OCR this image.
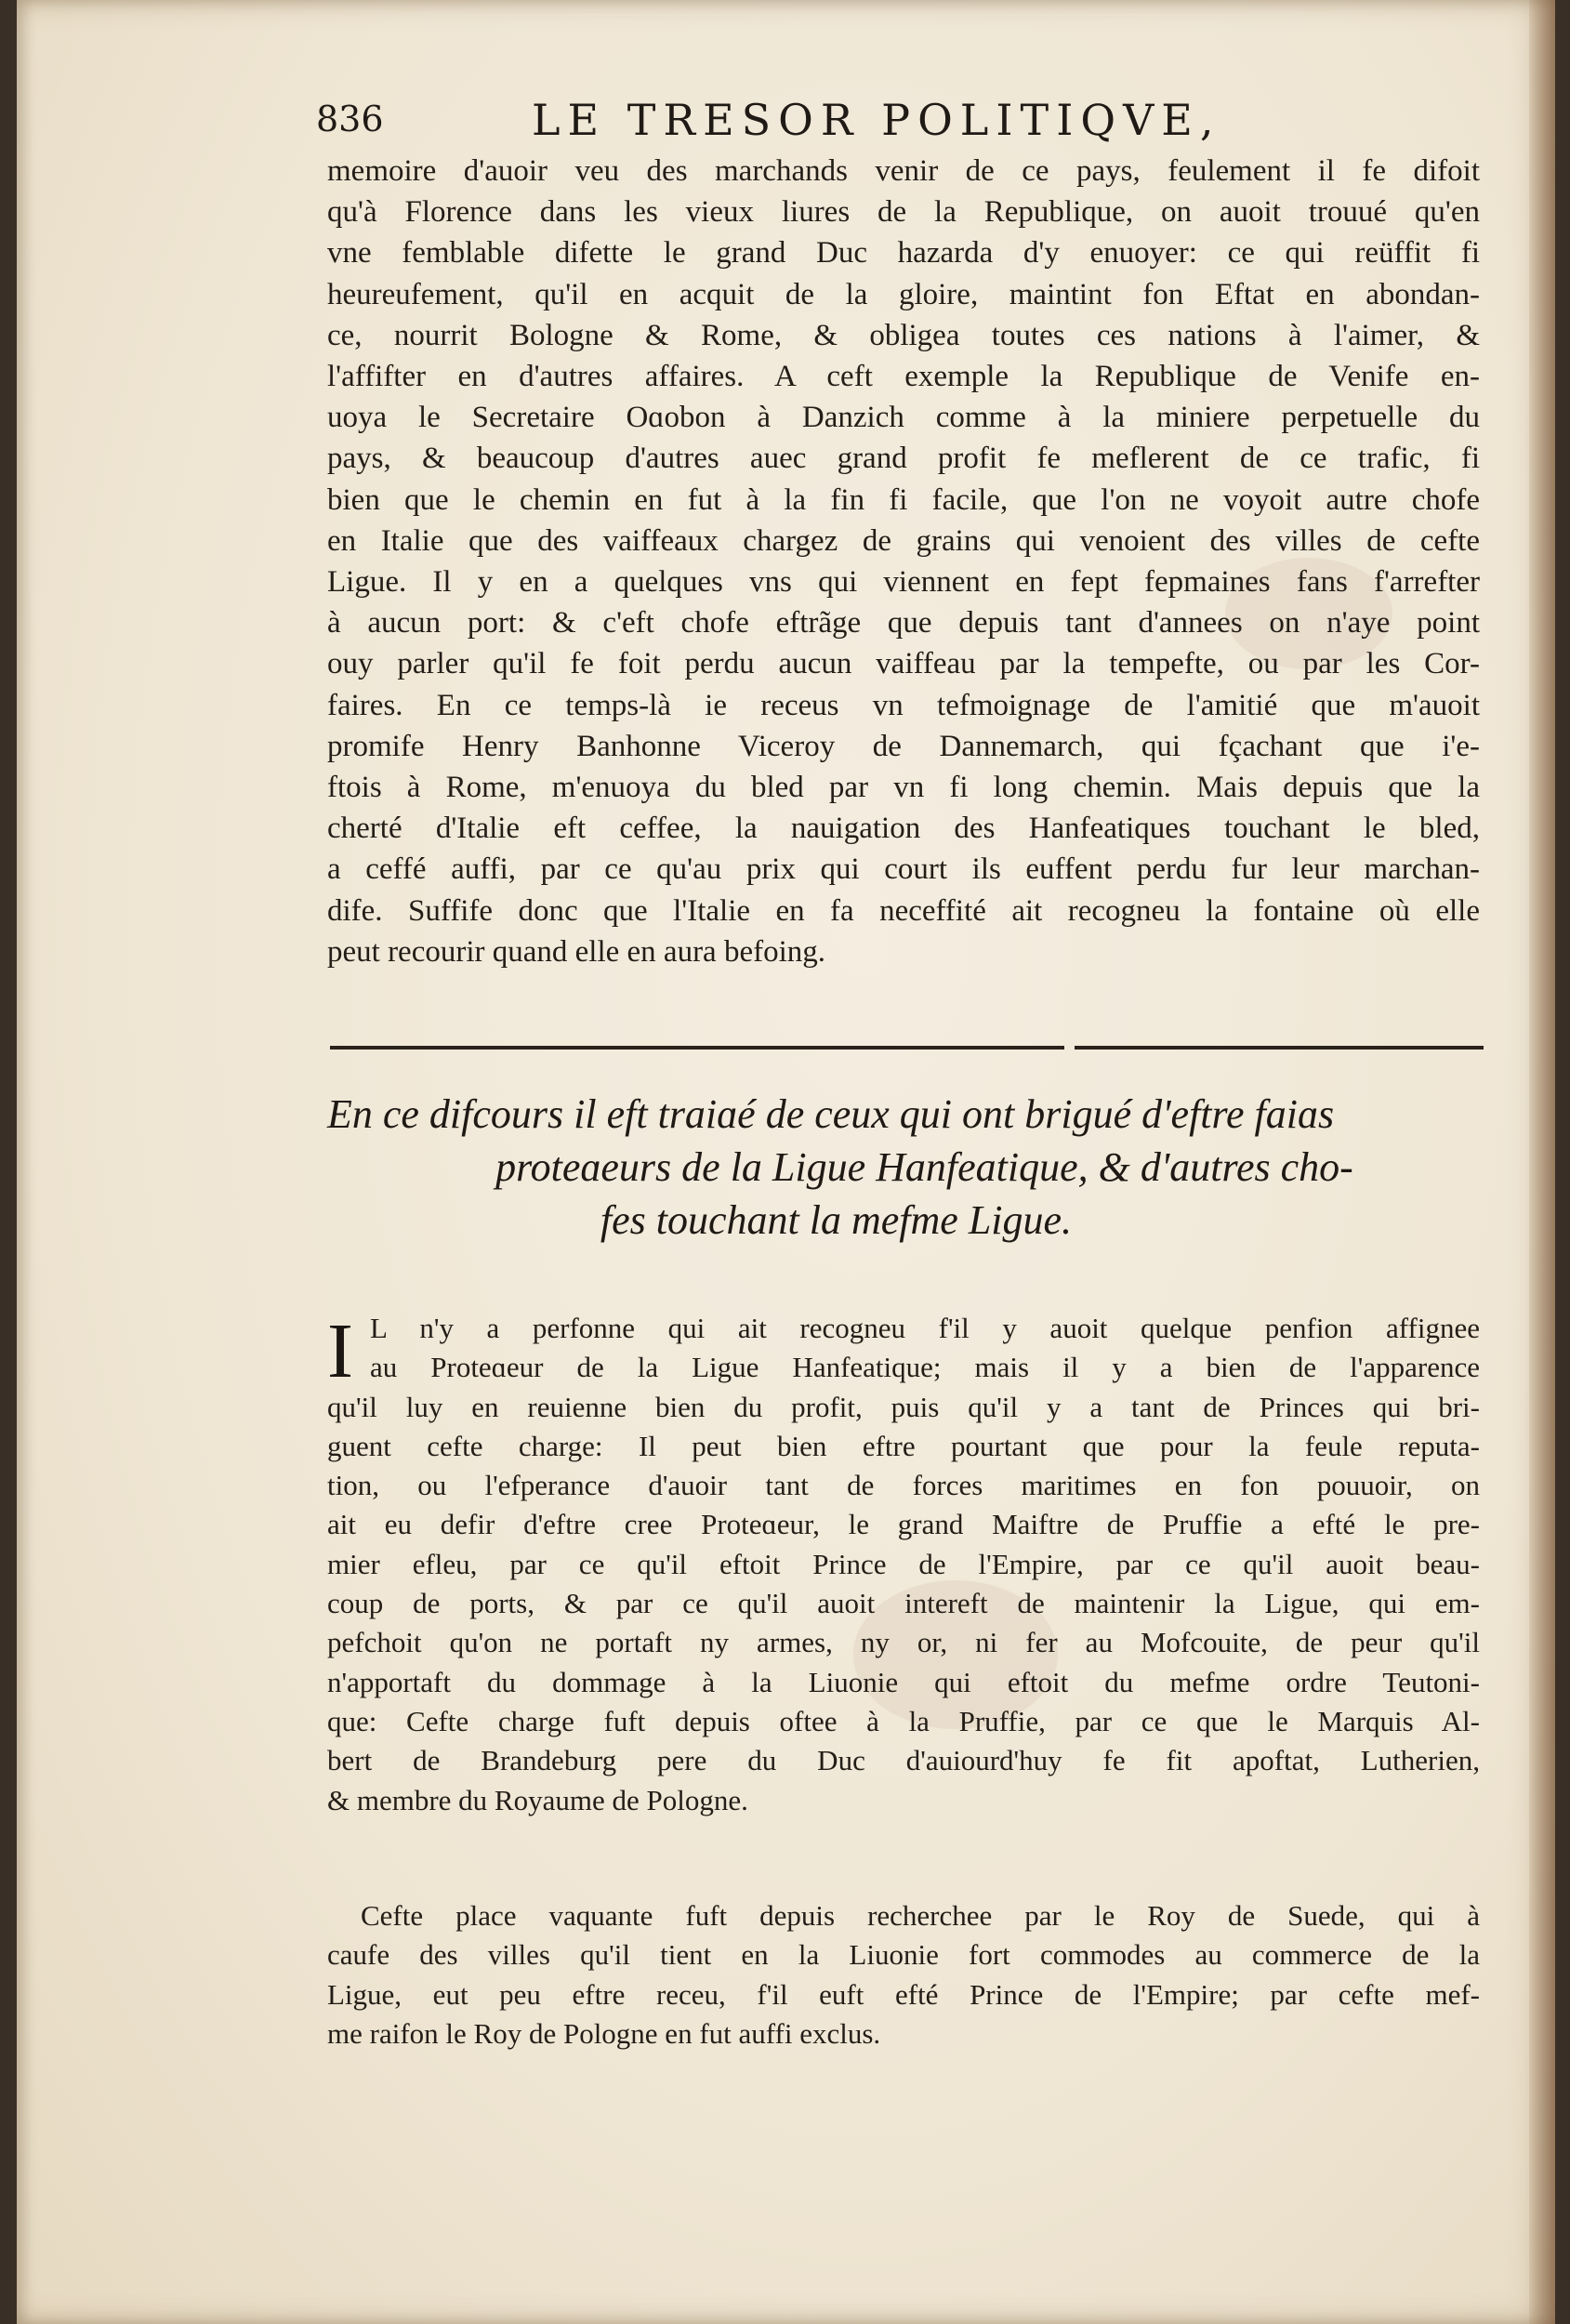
836	LE TRESOR POLITIQVE,
memoire d'auoir veu des marchands venir de ce pays, feulement il fe difoit
qu'à Florence dans les vieux liures de la Republique, on auoit trouué qu'en
vne femblable difette le grand Duc hazarda d'y enuoyer: ce qui reüffit fi
heureufement, qu'il en acquit de la gloire, maintint fon Eftat en abondan-
ce, nourrit Bologne & Rome, & obligea toutes ces nations à l'aimer, &
l'affifter en d'autres affaires. A ceft exemple la Republique de Venife en-
uoya le Secretaire Oɑobon à Danzich comme à la miniere perpetuelle du
pays, & beaucoup d'autres auec grand profit fe meflerent de ce trafic, fi
bien que le chemin en fut à la fin fi facile, que l'on ne voyoit autre chofe
en Italie que des vaiffeaux chargez de grains qui venoient des villes de cefte
Ligue. Il y en a quelques vns qui viennent en fept fepmaines fans f'arrefter
à aucun port: & c'eft chofe eftrãge que depuis tant d'annees on n'aye point
ouy parler qu'il fe foit perdu aucun vaiffeau par la tempefte, ou par les Cor-
faires. En ce temps-là ie receus vn tefmoignage de l'amitié que m'auoit
promife Henry Banhonne Viceroy de Dannemarch, qui fçachant que i'e-
ftois à Rome, m'enuoya du bled par vn fi long chemin. Mais depuis que la
cherté d'Italie eft ceffee, la nauigation des Hanfeatiques touchant le bled,
a ceffé auffi, par ce qu'au prix qui court ils euffent perdu fur leur marchan-
dife. Suffife donc que l'Italie en fa neceffité ait recogneu la fontaine où elle
peut recourir quand elle en aura befoing.
En ce difcours il eft traiɑé de ceux qui ont brigué d'eftre faiɑs
proteɑeurs de la Ligue Hanfeatique, & d'autres cho-
fes touchant la mefme Ligue.
I L n'y a perfonne qui ait recogneu f'il y auoit quelque penfion affignee
au Proteɑeur de la Ligue Hanfeatique; mais il y a bien de l'apparence
qu'il luy en reuienne bien du profit, puis qu'il y a tant de Princes qui bri-
guent cefte charge: Il peut bien eftre pourtant que pour la feule reputa-
tion, ou l'efperance d'auoir tant de forces maritimes en fon pouuoir, on
ait eu defir d'eftre cree Proteɑeur, le grand Maiftre de Pruffie a efté le pre-
mier efleu, par ce qu'il eftoit Prince de l'Empire, par ce qu'il auoit beau-
coup de ports, & par ce qu'il auoit intereft de maintenir la Ligue, qui em-
pefchoit qu'on ne portaft ny armes, ny or, ni fer au Mofcouite, de peur qu'il
n'apportaft du dommage à la Liuonie qui eftoit du mefme ordre Teutoni-
que: Cefte charge fuft depuis oftee à la Pruffie, par ce que le Marquis Al-
bert de Brandeburg pere du Duc d'auiourd'huy fe fit apoftat, Lutherien,
& membre du Royaume de Pologne.
Cefte place vaquante fuft depuis recherchee par le Roy de Suede, qui à
caufe des villes qu'il tient en la Liuonie fort commodes au commerce de la
Ligue, eut peu eftre receu, f'il euft efté Prince de l'Empire; par cefte mef-
me raifon le Roy de Pologne en fut auffi exclus.
